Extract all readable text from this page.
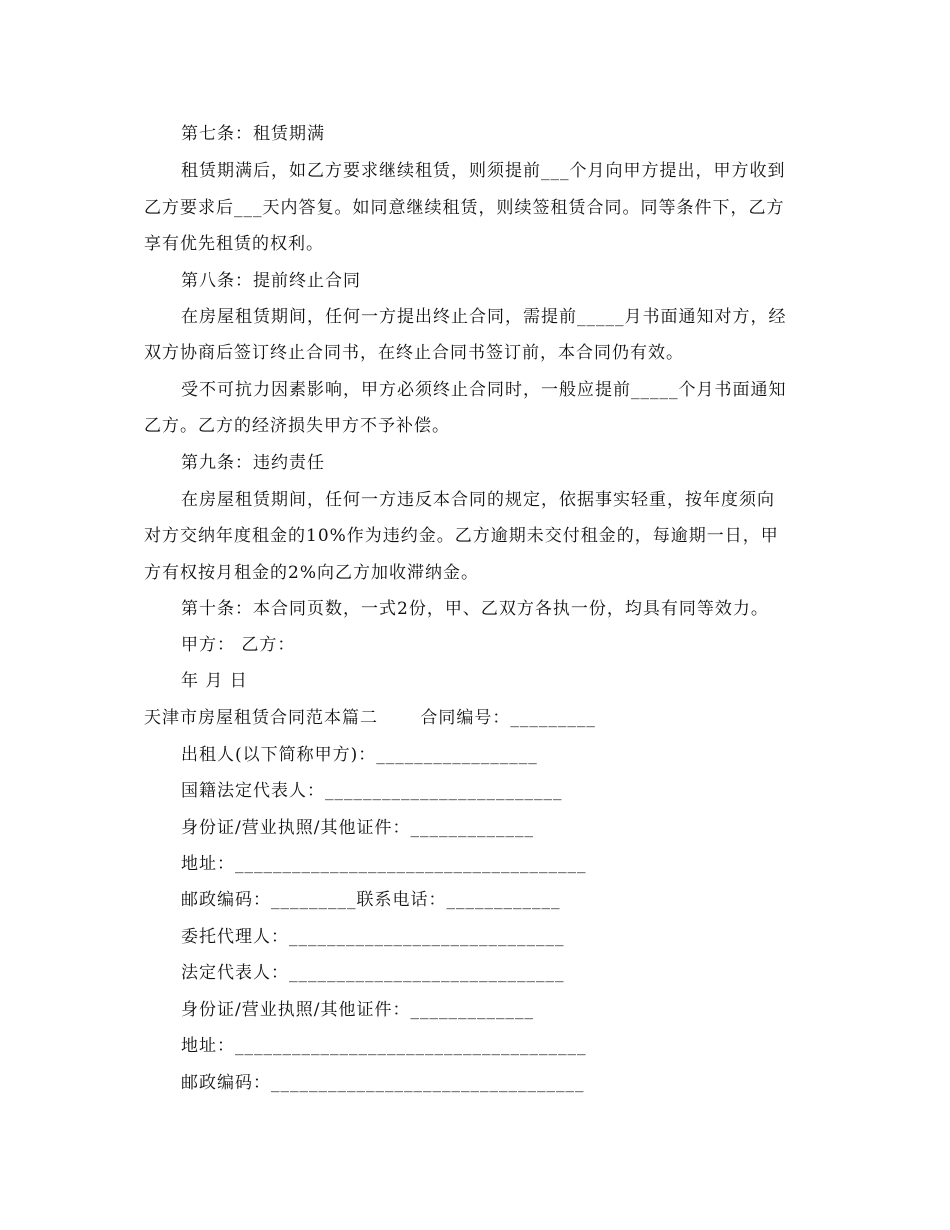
第七条：租赁期满
租赁期满后，如乙方要求继续租赁，则须提前___个月向甲方提出，甲方收到
乙方要求后___天内答复。如同意继续租赁，则续签租赁合同。同等条件下，乙方
享有优先租赁的权利。
第八条：提前终止合同
在房屋租赁期间，任何一方提出终止合同，需提前_____月书面通知对方，经
双方协商后签订终止合同书，在终止合同书签订前，本合同仍有效。
受不可抗力因素影响，甲方必须终止合同时，一般应提前_____个月书面通知
乙方。乙方的经济损失甲方不予补偿。
第九条：违约责任
在房屋租赁期间，任何一方违反本合同的规定，依据事实轻重，按年度须向
对方交纳年度租金的10%作为违约金。乙方逾期未交付租金的，每逾期一日，甲
方有权按月租金的2%向乙方加收滞纳金。
第十条：本合同页数，一式2份，甲、乙双方各执一份，均具有同等效力。
甲方： 乙方：
年 月 日
天津市房屋租赁合同范本篇二　　 合同编号：_________
出租人(以下简称甲方)：_________________
国籍法定代表人：_________________________
身份证/营业执照/其他证件：_____________
地址：_____________________________________
邮政编码：_________联系电话：____________
委托代理人：_____________________________
法定代表人：_____________________________
身份证/营业执照/其他证件：_____________
地址：_____________________________________
邮政编码：_________________________________
